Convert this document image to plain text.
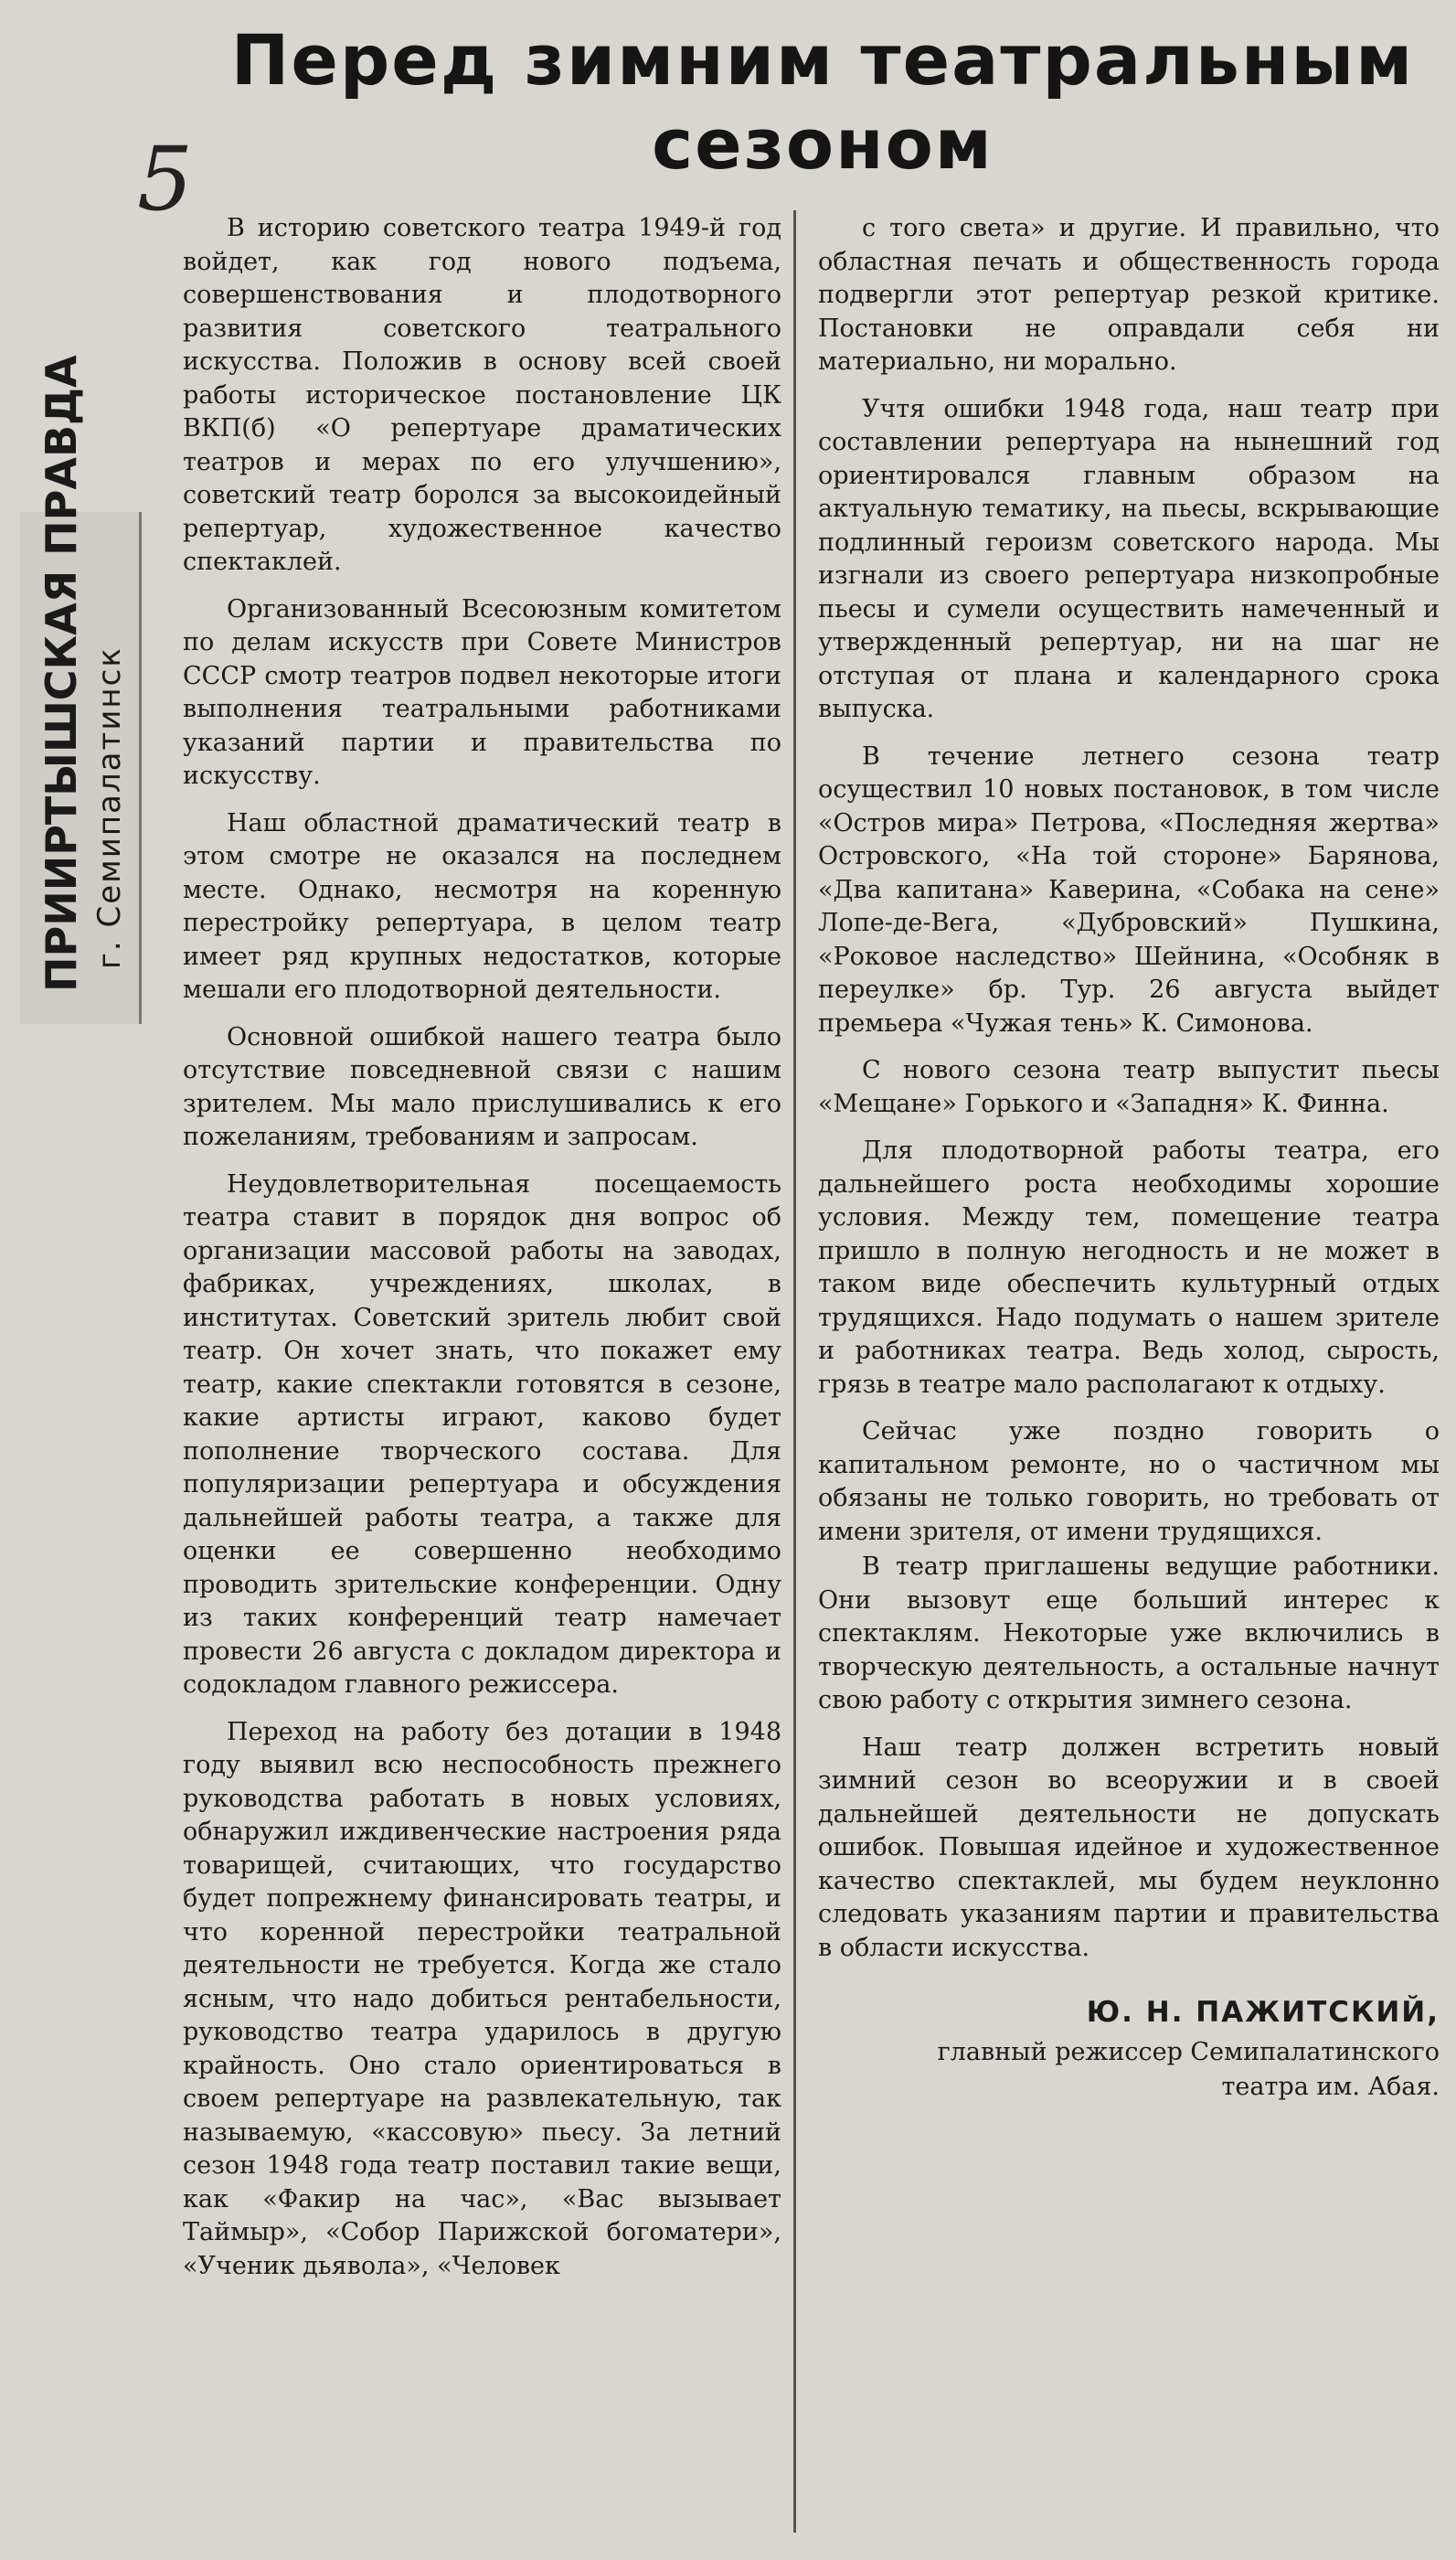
Перед зимним театральным сезоном
5
ПРИИРТЫШСКАЯ ПРАВДА г. Семипалатинск

В историю советского театра 1949-й год войдет, как год нового подъема, совершенствования и плодотворного развития советского театрального искусства. Положив в основу всей своей работы историческое постановление ЦК ВКП(б) «О репертуаре драматических театров и мерах по его улучшению», советский театр боролся за высокоидейный репертуар, художественное качество спектаклей.

Организованный Всесоюзным комитетом по делам искусств при Совете Министров СССР смотр театров подвел некоторые итоги выполнения театральными работниками указаний партии и правительства по искусству.

Наш областной драматический театр в этом смотре не оказался на последнем месте. Однако, несмотря на коренную перестройку репертуара, в целом театр имеет ряд крупных недостатков, которые мешали его плодотворной деятельности.

Основной ошибкой нашего театра было отсутствие повседневной связи с нашим зрителем. Мы мало прислушивались к его пожеланиям, требованиям и запросам.

Неудовлетворительная посещаемость театра ставит в порядок дня вопрос об организации массовой работы на заводах, фабриках, учреждениях, школах, в институтах. Советский зритель любит свой театр. Он хочет знать, что покажет ему театр, какие спектакли готовятся в сезоне, какие артисты играют, каково будет пополнение творческого состава. Для популяризации репертуара и обсуждения дальнейшей работы театра, а также для оценки ее совершенно необходимо проводить зрительские конференции. Одну из таких конференций театр намечает провести 26 августа с докладом директора и содокладом главного режиссера.

Переход на работу без дотации в 1948 году выявил всю неспособность прежнего руководства работать в новых условиях, обнаружил иждивенческие настроения ряда товарищей, считающих, что государство будет попрежнему финансировать театры, и что коренной перестройки театральной деятельности не требуется. Когда же стало ясным, что надо добиться рентабельности, руководство театра ударилось в другую крайность. Оно стало ориентироваться в своем репертуаре на развлекательную, так называемую, «кассовую» пьесу. За летний сезон 1948 года театр поставил такие вещи, как «Факир на час», «Вас вызывает Таймыр», «Собор Парижской богоматери», «Ученик дьявола», «Человек

с того света» и другие. И правильно, что областная печать и общественность города подвергли этот репертуар резкой критике. Постановки не оправдали себя ни материально, ни морально.

Учтя ошибки 1948 года, наш театр при составлении репертуара на нынешний год ориентировался главным образом на актуальную тематику, на пьесы, вскрывающие подлинный героизм советского народа. Мы изгнали из своего репертуара низкопробные пьесы и сумели осуществить намеченный и утвержденный репертуар, ни на шаг не отступая от плана и календарного срока выпуска.

В течение летнего сезона театр осуществил 10 новых постановок, в том числе «Остров мира» Петрова, «Последняя жертва» Островского, «На той стороне» Барянова, «Два капитана» Каверина, «Собака на сене» Лопе-де-Вега, «Дубровский» Пушкина, «Роковое наследство» Шейнина, «Особняк в переулке» бр. Тур. 26 августа выйдет премьера «Чужая тень» К. Симонова.

С нового сезона театр выпустит пьесы «Мещане» Горького и «Западня» К. Финна.

Для плодотворной работы театра, его дальнейшего роста необходимы хорошие условия. Между тем, помещение театра пришло в полную негодность и не может в таком виде обеспечить культурный отдых трудящихся. Надо подумать о нашем зрителе и работниках театра. Ведь холод, сырость, грязь в театре мало располагают к отдыху.

Сейчас уже поздно говорить о капитальном ремонте, но о частичном мы обязаны не только говорить, но требовать от имени зрителя, от имени трудящихся.

В театр приглашены ведущие работники. Они вызовут еще больший интерес к спектаклям. Некоторые уже включились в творческую деятельность, а остальные начнут свою работу с открытия зимнего сезона.

Наш театр должен встретить новый зимний сезон во всеоружии и в своей дальнейшей деятельности не допускать ошибок. Повышая идейное и художественное качество спектаклей, мы будем неуклонно следовать указаниям партии и правительства в области искусства.

Ю. Н. ПАЖИТСКИЙ,
главный режиссер Семипалатинского
театра им. Абая.
